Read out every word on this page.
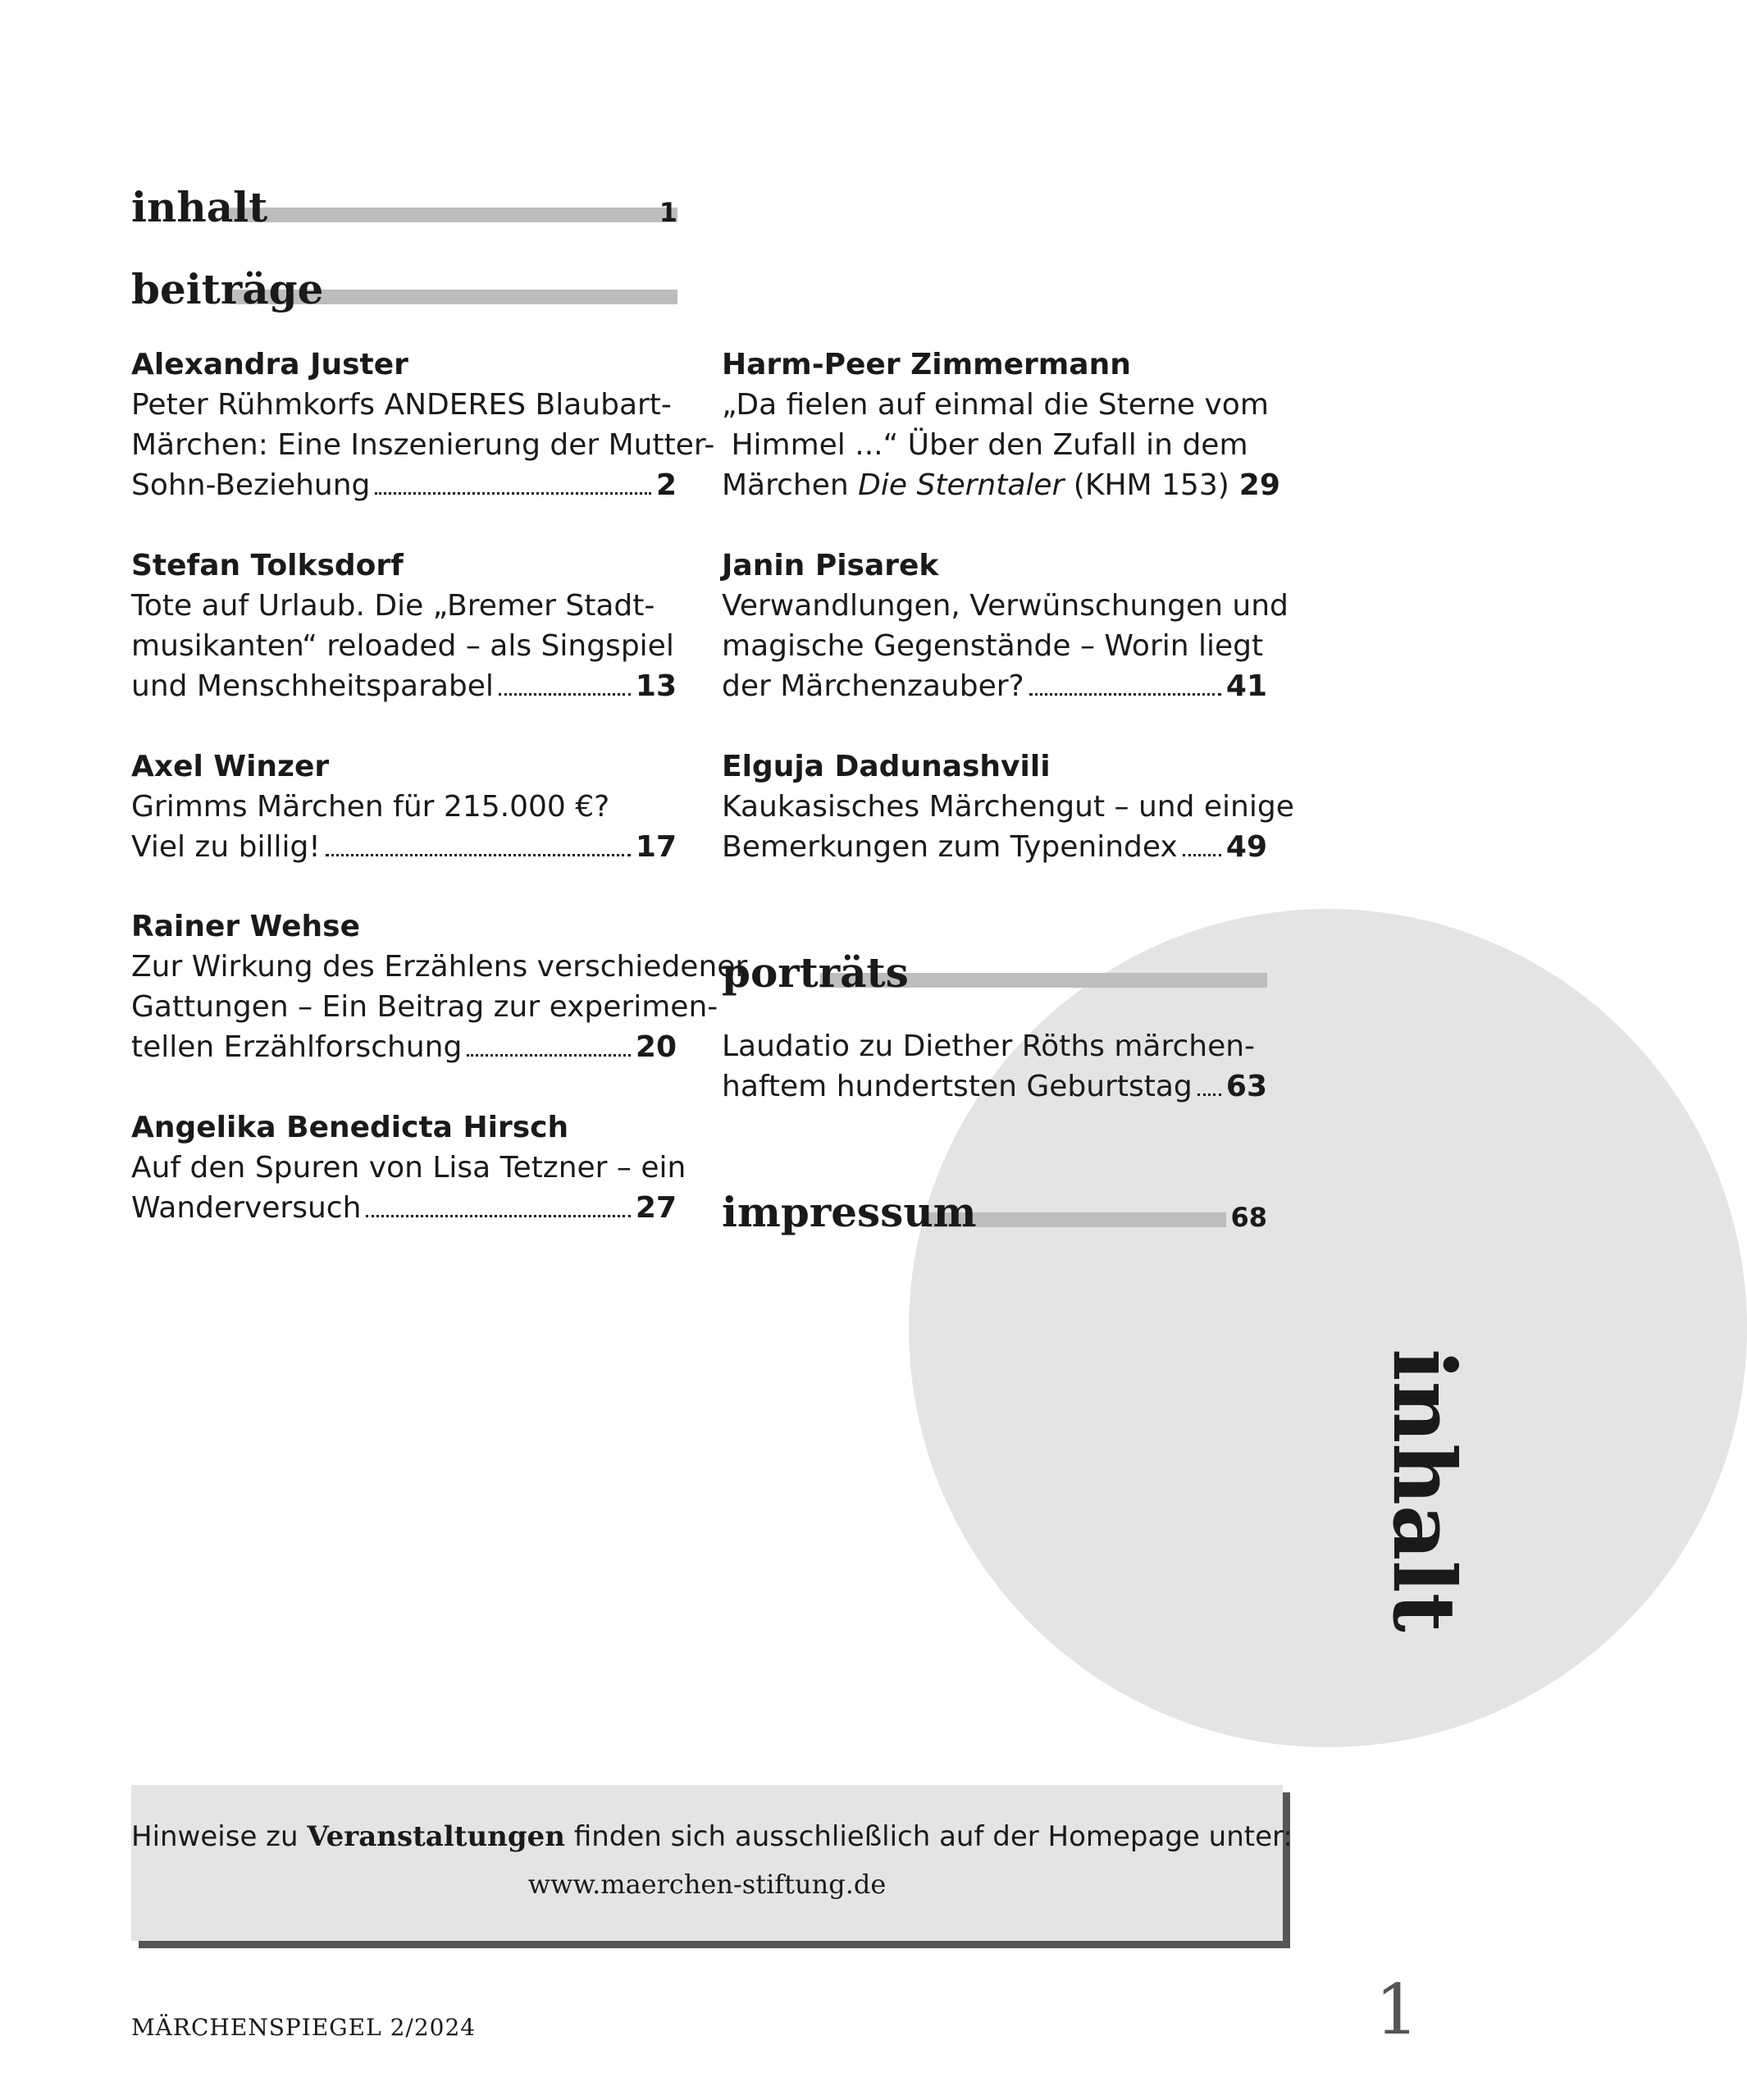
inhalt
inhalt	1
beiträge
porträts
impressum	68
Alexandra Juster
Peter Rühmkorfs ANDERES Blaubart-
Märchen: Eine Inszenierung der Mutter-
Sohn-Beziehung	2
Stefan Tolksdorf
Tote auf Urlaub. Die „Bremer Stadt-
musikanten“ reloaded – als Singspiel
und Menschheitsparabel	13
Axel Winzer
Grimms Märchen für 215.000 €?
Viel zu billig!	17
Rainer Wehse
Zur Wirkung des Erzählens verschiedener
Gattungen – Ein Beitrag zur experimen-
tellen Erzählforschung	20
Angelika Benedicta Hirsch
Auf den Spuren von Lisa Tetzner – ein
Wanderversuch	27
Harm-Peer Zimmermann
„Da fielen auf einmal die Sterne vom
Himmel ...“ Über den Zufall in dem
Märchen Die Sterntaler (KHM 153) 29
Janin Pisarek
Verwandlungen, Verwünschungen und
magische Gegenstände – Worin liegt
der Märchenzauber?	41
Elguja Dadunashvili
Kaukasisches Märchengut – und einige
Bemerkungen zum Typenindex 49
Laudatio zu Diether Röths märchen-
haftem hundertsten Geburtstag 63
Hinweise zu Veranstaltungen finden sich ausschließlich auf der Homepage unter:
www.maerchen-stiftung.de
MÄRCHENSPIEGEL 2/2024	1
